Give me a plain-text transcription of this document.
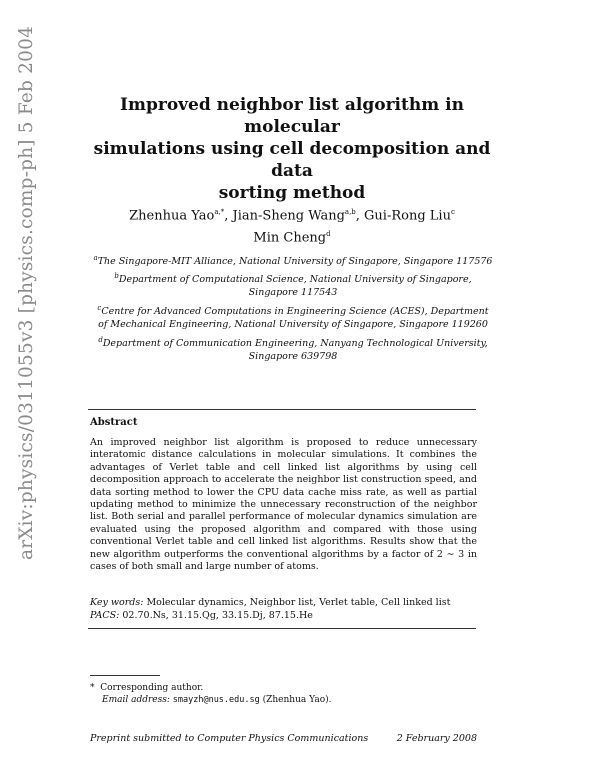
arXiv:physics/0311055v3 [physics.comp-ph] 5 Feb 2004	Improved neighbor list algorithm in molecular
simulations using cell decomposition and data
sorting method
Zhenhua Yao$^{a,*}$, Jian-Sheng Wang$^{a,b}$, Gui-Rong Liu$^c$
Min Cheng$^d$
$^a$The Singapore-MIT Alliance, National University of Singapore, Singapore 117576
$^b$Department of Computational Science, National University of Singapore,
Singapore 117543
$^c$Centre for Advanced Computations in Engineering Science (ACES), Department
of Mechanical Engineering, National University of Singapore, Singapore 119260
$^d$Department of Communication Engineering, Nanyang Technological University,
Singapore 639798
Abstract
An improved neighbor list algorithm is proposed to reduce unnecessary interatomic distance calculations in molecular simulations. It combines the advantages of Verlet table and cell linked list algorithms by using cell decomposition approach to accelerate the neighbor list construction speed, and data sorting method to lower the CPU data cache miss rate, as well as partial updating method to minimize the unnecessary reconstruction of the neighbor list. Both serial and parallel performance of molecular dynamics simulation are evaluated using the proposed algorithm and compared with those using conventional Verlet table and cell linked list algorithms. Results show that the new algorithm outperforms the conventional algorithms by a factor of 2 ∼ 3 in cases of both small and large number of atoms.
Key words: Molecular dynamics, Neighbor list, Verlet table, Cell linked list
PACS: 02.70.Ns, 31.15.Qg, 33.15.Dj, 87.15.He
* Corresponding author.
Email address: smayzh@nus.edu.sg (Zhenhua Yao).
Preprint submitted to Computer Physics Communications	2 February 2008
